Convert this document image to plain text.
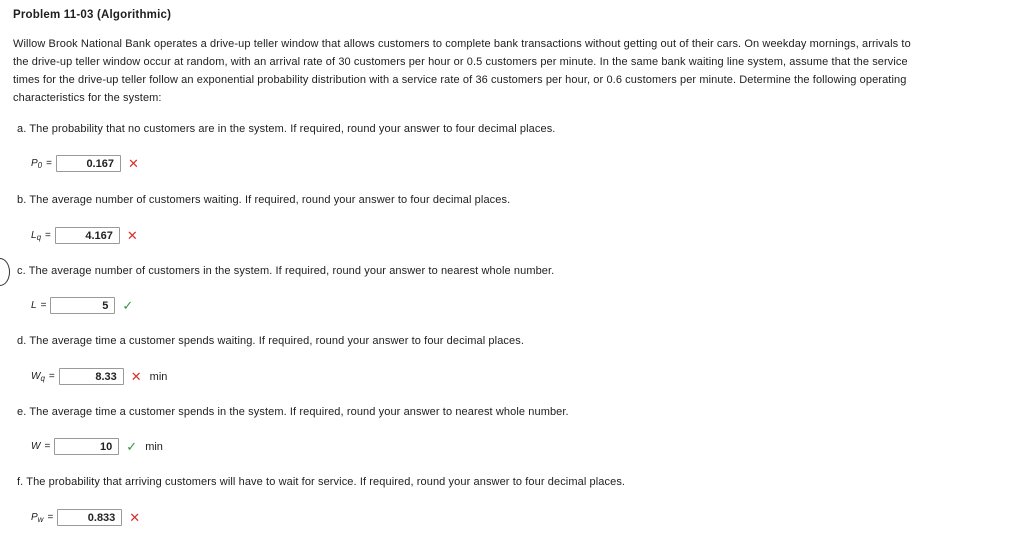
Problem 11-03 (Algorithmic)
Willow Brook National Bank operates a drive-up teller window that allows customers to complete bank transactions without getting out of their cars. On weekday mornings, arrivals to
the drive-up teller window occur at random, with an arrival rate of 30 customers per hour or 0.5 customers per minute. In the same bank waiting line system, assume that the service
times for the drive-up teller follow an exponential probability distribution with a service rate of 36 customers per hour, or 0.6 customers per minute. Determine the following operating
characteristics for the system:
a. The probability that no customers are in the system. If required, round your answer to four decimal places.
$P_0$ =	0.167	✕
b. The average number of customers waiting. If required, round your answer to four decimal places.
$L_q$ =	4.167	✕
c. The average number of customers in the system. If required, round your answer to nearest whole number.
L =	5	✓
d. The average time a customer spends waiting. If required, round your answer to four decimal places.
$W_q$ =	8.33	✕ min
e. The average time a customer spends in the system. If required, round your answer to nearest whole number.
W =	10	✓ min
f. The probability that arriving customers will have to wait for service. If required, round your answer to four decimal places.
$P_w$ =	0.833	✕
